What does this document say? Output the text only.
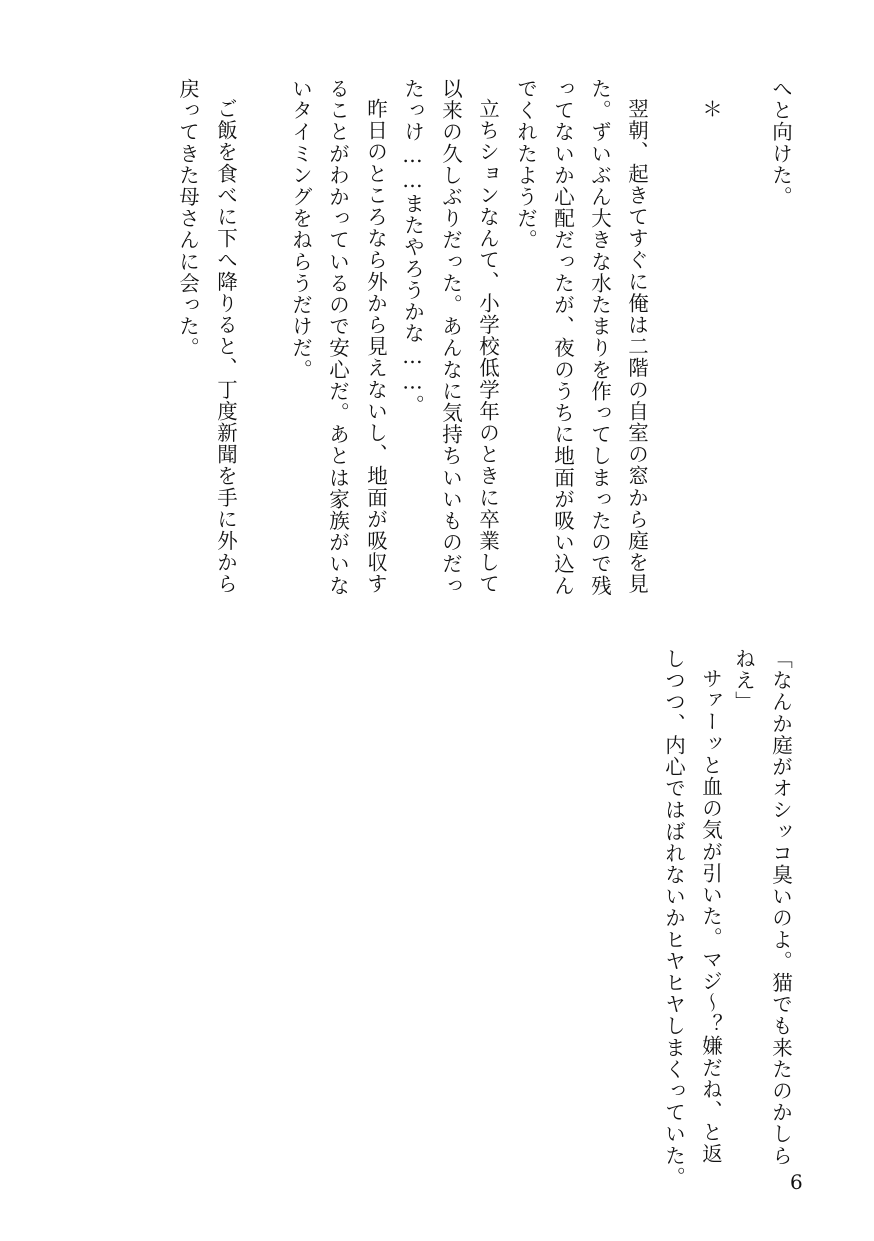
へと向けた。
＊
翌朝、起きてすぐに俺は二階の自室の窓から庭を見
た。ずいぶん大きな水たまりを作ってしまったので残
ってないか心配だったが、夜のうちに地面が吸い込ん
でくれたようだ。
立ちションなんて、小学校低学年のときに卒業して
以来の久しぶりだった。あんなに気持ちいいものだっ
たっけ……またやろうかな……。
昨日のところなら外から見えないし、地面が吸収す
ることがわかっているので安心だ。あとは家族がいな
いタイミングをねらうだけだ。
ご飯を食べに下へ降りると、丁度新聞を手に外から
戻ってきた母さんに会った。
「なんか庭がオシッコ臭いのよ。猫でも来たのかしら
ねえ」
サァーッと血の気が引いた。マジ〜？嫌だね、と返
しつつ、内心ではばれないかヒヤヒヤしまくっていた。	6
